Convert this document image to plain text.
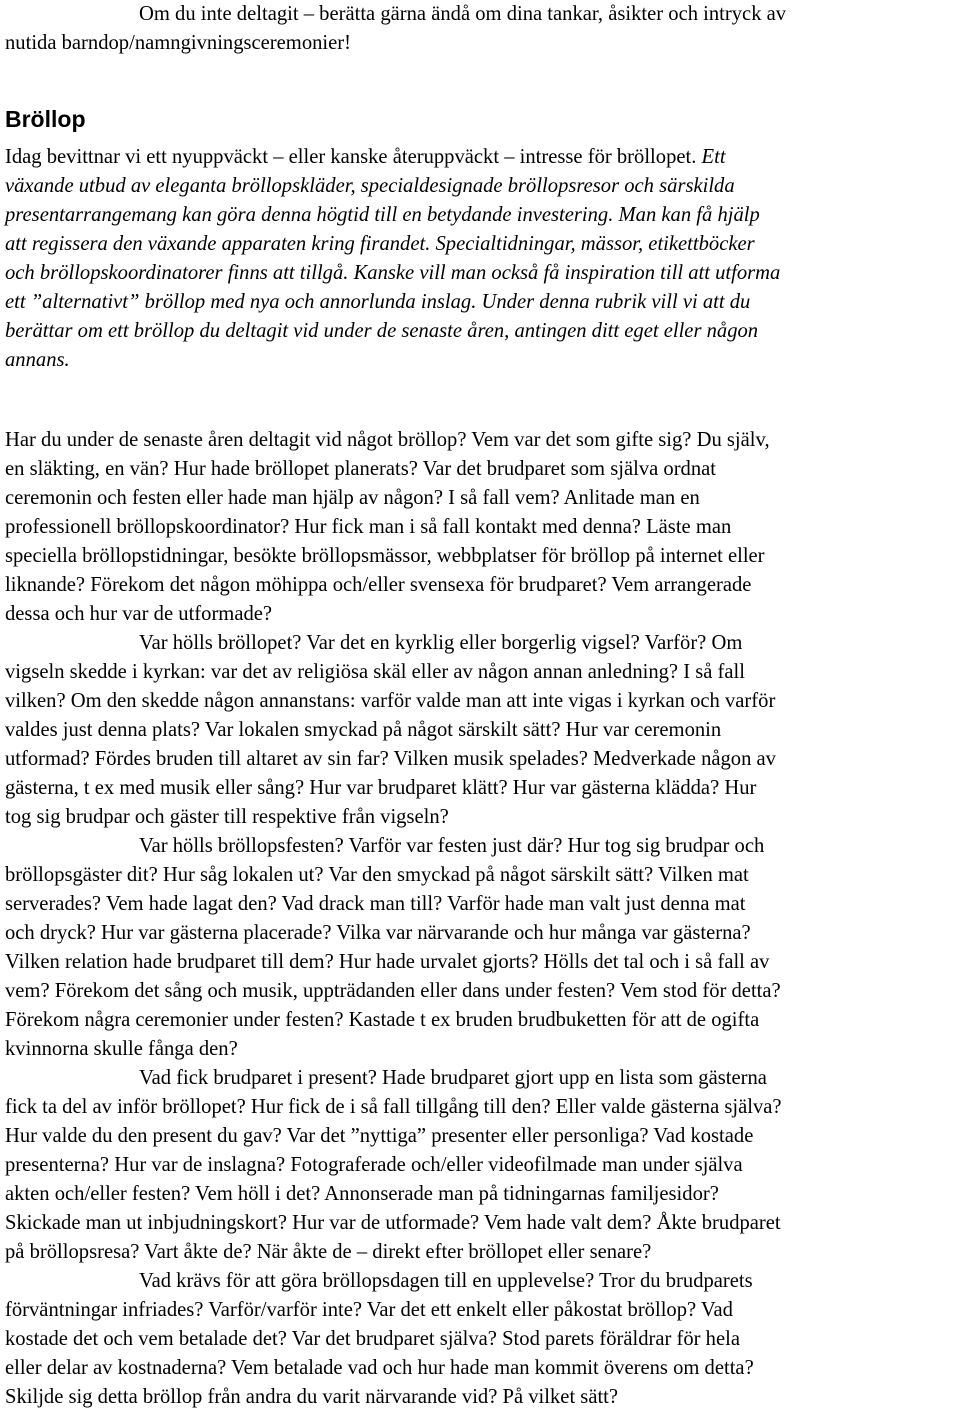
Om du inte deltagit – berätta gärna ändå om dina tankar, åsikter och intryck av

nutida barndop/namngivningsceremonier!

Bröllop
Idag bevittnar vi ett nyuppväckt – eller kanske återuppväckt – intresse för bröllopet. Ett
växande utbud av eleganta bröllopskläder, specialdesignade bröllopsresor och särskilda
presentarrangemang kan göra denna högtid till en betydande investering. Man kan få hjälp
att regissera den växande apparaten kring firandet. Specialtidningar, mässor, etikettböcker
och bröllopskoordinatorer finns att tillgå. Kanske vill man också få inspiration till att utforma
ett ”alternativt” bröllop med nya och annorlunda inslag. Under denna rubrik vill vi att du
berättar om ett bröllop du deltagit vid under de senaste åren, antingen ditt eget eller någon
annans.

Har du under de senaste åren deltagit vid något bröllop? Vem var det som gifte sig? Du själv,

en släkting, en vän? Hur hade bröllopet planerats? Var det brudparet som själva ordnat

ceremonin och festen eller hade man hjälp av någon? I så fall vem? Anlitade man en

professionell bröllopskoordinator? Hur fick man i så fall kontakt med denna? Läste man

speciella bröllopstidningar, besökte bröllopsmässor, webbplatser för bröllop på internet eller

liknande? Förekom det någon möhippa och/eller svensexa för brudparet? Vem arrangerade

dessa och hur var de utformade?

Var hölls bröllopet? Var det en kyrklig eller borgerlig vigsel? Varför? Om

vigseln skedde i kyrkan: var det av religiösa skäl eller av någon annan anledning? I så fall

vilken? Om den skedde någon annanstans: varför valde man att inte vigas i kyrkan och varför

valdes just denna plats? Var lokalen smyckad på något särskilt sätt? Hur var ceremonin

utformad? Fördes bruden till altaret av sin far? Vilken musik spelades? Medverkade någon av

gästerna, t ex med musik eller sång? Hur var brudparet klätt? Hur var gästerna klädda? Hur

tog sig brudpar och gäster till respektive från vigseln?

Var hölls bröllopsfesten? Varför var festen just där? Hur tog sig brudpar och

bröllopsgäster dit? Hur såg lokalen ut? Var den smyckad på något särskilt sätt? Vilken mat

serverades? Vem hade lagat den? Vad drack man till? Varför hade man valt just denna mat

och dryck? Hur var gästerna placerade? Vilka var närvarande och hur många var gästerna?

Vilken relation hade brudparet till dem? Hur hade urvalet gjorts? Hölls det tal och i så fall av

vem? Förekom det sång och musik, uppträdanden eller dans under festen? Vem stod för detta?

Förekom några ceremonier under festen? Kastade t ex bruden brudbuketten för att de ogifta

kvinnorna skulle fånga den?

Vad fick brudparet i present? Hade brudparet gjort upp en lista som gästerna

fick ta del av inför bröllopet? Hur fick de i så fall tillgång till den? Eller valde gästerna själva?

Hur valde du den present du gav? Var det ”nyttiga” presenter eller personliga? Vad kostade

presenterna? Hur var de inslagna? Fotograferade och/eller videofilmade man under själva

akten och/eller festen? Vem höll i det? Annonserade man på tidningarnas familjesidor?

Skickade man ut inbjudningskort? Hur var de utformade? Vem hade valt dem? Åkte brudparet

på bröllopsresa? Vart åkte de? När åkte de – direkt efter bröllopet eller senare?

Vad krävs för att göra bröllopsdagen till en upplevelse? Tror du brudparets

förväntningar infriades? Varför/varför inte? Var det ett enkelt eller påkostat bröllop? Vad

kostade det och vem betalade det? Var det brudparet själva? Stod parets föräldrar för hela

eller delar av kostnaderna? Vem betalade vad och hur hade man kommit överens om detta?

Skiljde sig detta bröllop från andra du varit närvarande vid? På vilket sätt?
